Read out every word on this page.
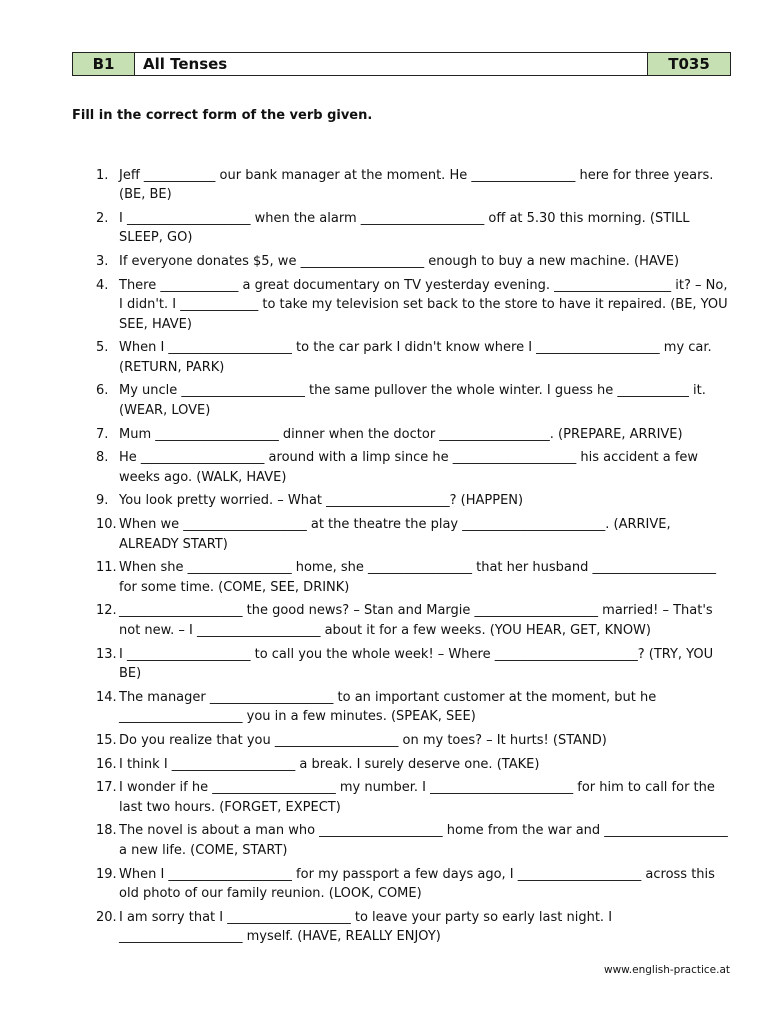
B1	All Tenses	T035
Fill in the correct form of the verb given.
1. Jeff ___________ our bank manager at the moment. He ________________ here for three years. (BE, BE)
2. I ___________________ when the alarm ___________________ off at 5.30 this morning. (STILL SLEEP, GO)
3. If everyone donates $5, we ___________________ enough to buy a new machine. (HAVE)
4. There ____________ a great documentary on TV yesterday evening. __________________ it? – No, I didn't. I ____________ to take my television set back to the store to have it repaired. (BE, YOU SEE, HAVE)
5. When I ___________________ to the car park I didn't know where I ___________________ my car. (RETURN, PARK)
6. My uncle ___________________ the same pullover the whole winter. I guess he ___________ it. (WEAR, LOVE)
7. Mum ___________________ dinner when the doctor _________________. (PREPARE, ARRIVE)
8. He ___________________ around with a limp since he ___________________ his accident a few weeks ago. (WALK, HAVE)
9. You look pretty worried. – What ___________________? (HAPPEN)
10. When we ___________________ at the theatre the play ______________________. (ARRIVE, ALREADY START)
11. When she ________________ home, she ________________ that her husband ___________________ for some time. (COME, SEE, DRINK)
12. ___________________ the good news? – Stan and Margie ___________________ married! – That's not new. – I ___________________ about it for a few weeks. (YOU HEAR, GET, KNOW)
13. I ___________________ to call you the whole week! – Where ______________________? (TRY, YOU BE)
14. The manager ___________________ to an important customer at the moment, but he ___________________ you in a few minutes. (SPEAK, SEE)
15. Do you realize that you ___________________ on my toes? – It hurts! (STAND)
16. I think I ___________________ a break. I surely deserve one. (TAKE)
17. I wonder if he ___________________ my number. I ______________________ for him to call for the last two hours. (FORGET, EXPECT)
18. The novel is about a man who ___________________ home from the war and ___________________ a new life. (COME, START)
19. When I ___________________ for my passport a few days ago, I ___________________ across this old photo of our family reunion. (LOOK, COME)
20. I am sorry that I ___________________ to leave your party so early last night. I ___________________ myself. (HAVE, REALLY ENJOY)
www.english-practice.at
